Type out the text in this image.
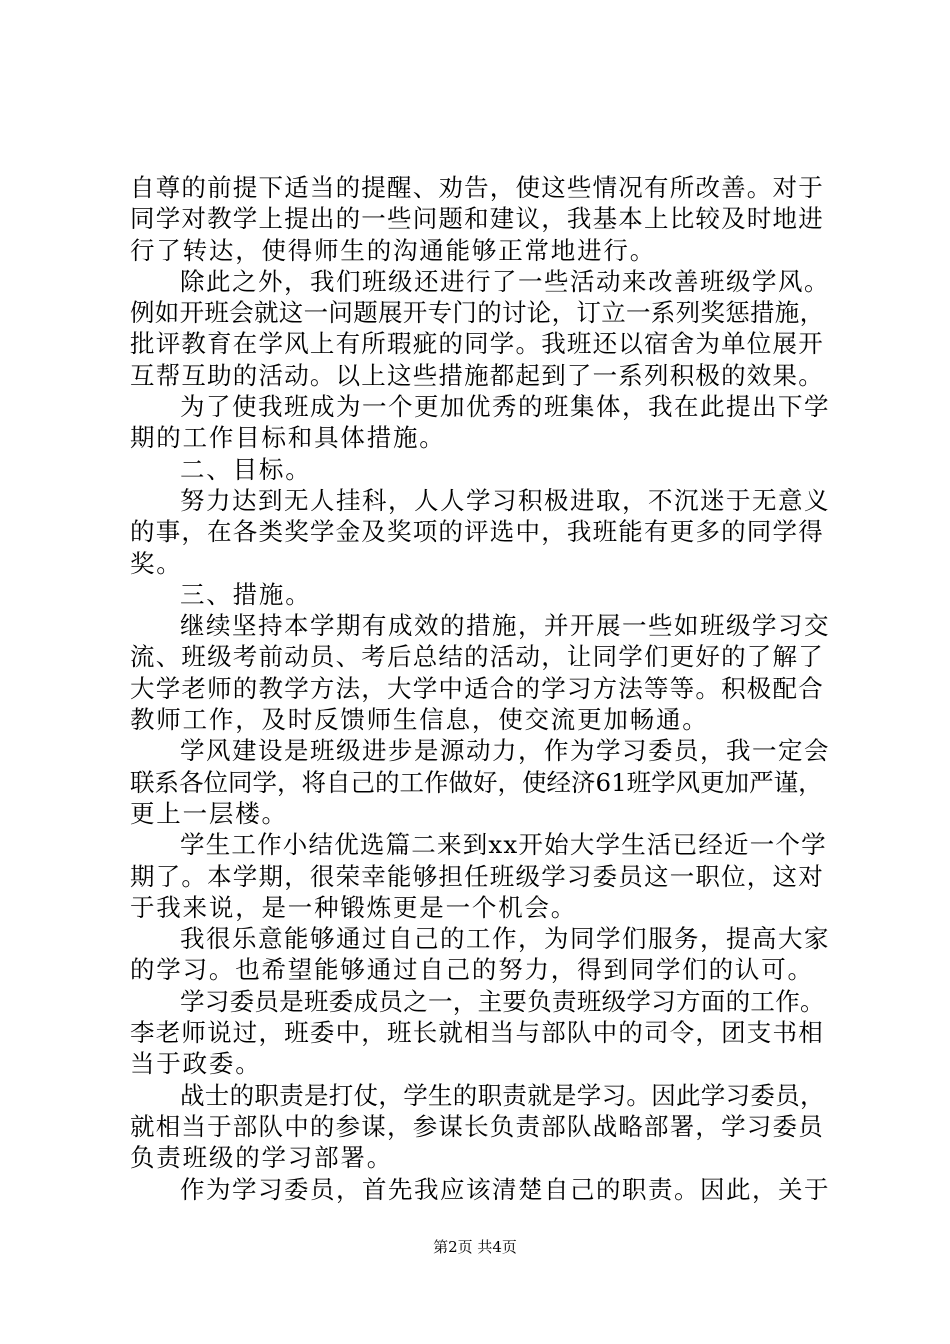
自尊的前提下适当的提醒、劝告，使这些情况有所改善。对于
同学对教学上提出的一些问题和建议，我基本上比较及时地进
行了转达，使得师生的沟通能够正常地进行。
除此之外，我们班级还进行了一些活动来改善班级学风。
例如开班会就这一问题展开专门的讨论，订立一系列奖惩措施，
批评教育在学风上有所瑕疵的同学。我班还以宿舍为单位展开
互帮互助的活动。以上这些措施都起到了一系列积极的效果。
为了使我班成为一个更加优秀的班集体，我在此提出下学
期的工作目标和具体措施。
二、目标。
努力达到无人挂科，人人学习积极进取，不沉迷于无意义
的事，在各类奖学金及奖项的评选中，我班能有更多的同学得
奖。
三、措施。
继续坚持本学期有成效的措施，并开展一些如班级学习交
流、班级考前动员、考后总结的活动，让同学们更好的了解了
大学老师的教学方法，大学中适合的学习方法等等。积极配合
教师工作，及时反馈师生信息，使交流更加畅通。
学风建设是班级进步是源动力，作为学习委员，我一定会
联系各位同学，将自己的工作做好，使经济61班学风更加严谨，
更上一层楼。
学生工作小结优选篇二来到xx开始大学生活已经近一个学
期了。本学期，很荣幸能够担任班级学习委员这一职位，这对
于我来说，是一种锻炼更是一个机会。
我很乐意能够通过自己的工作，为同学们服务，提高大家
的学习。也希望能够通过自己的努力，得到同学们的认可。
学习委员是班委成员之一，主要负责班级学习方面的工作。
李老师说过，班委中，班长就相当与部队中的司令，团支书相
当于政委。
战士的职责是打仗，学生的职责就是学习。因此学习委员，
就相当于部队中的参谋，参谋长负责部队战略部署，学习委员
负责班级的学习部署。
作为学习委员，首先我应该清楚自己的职责。因此，关于
第2页 共4页
